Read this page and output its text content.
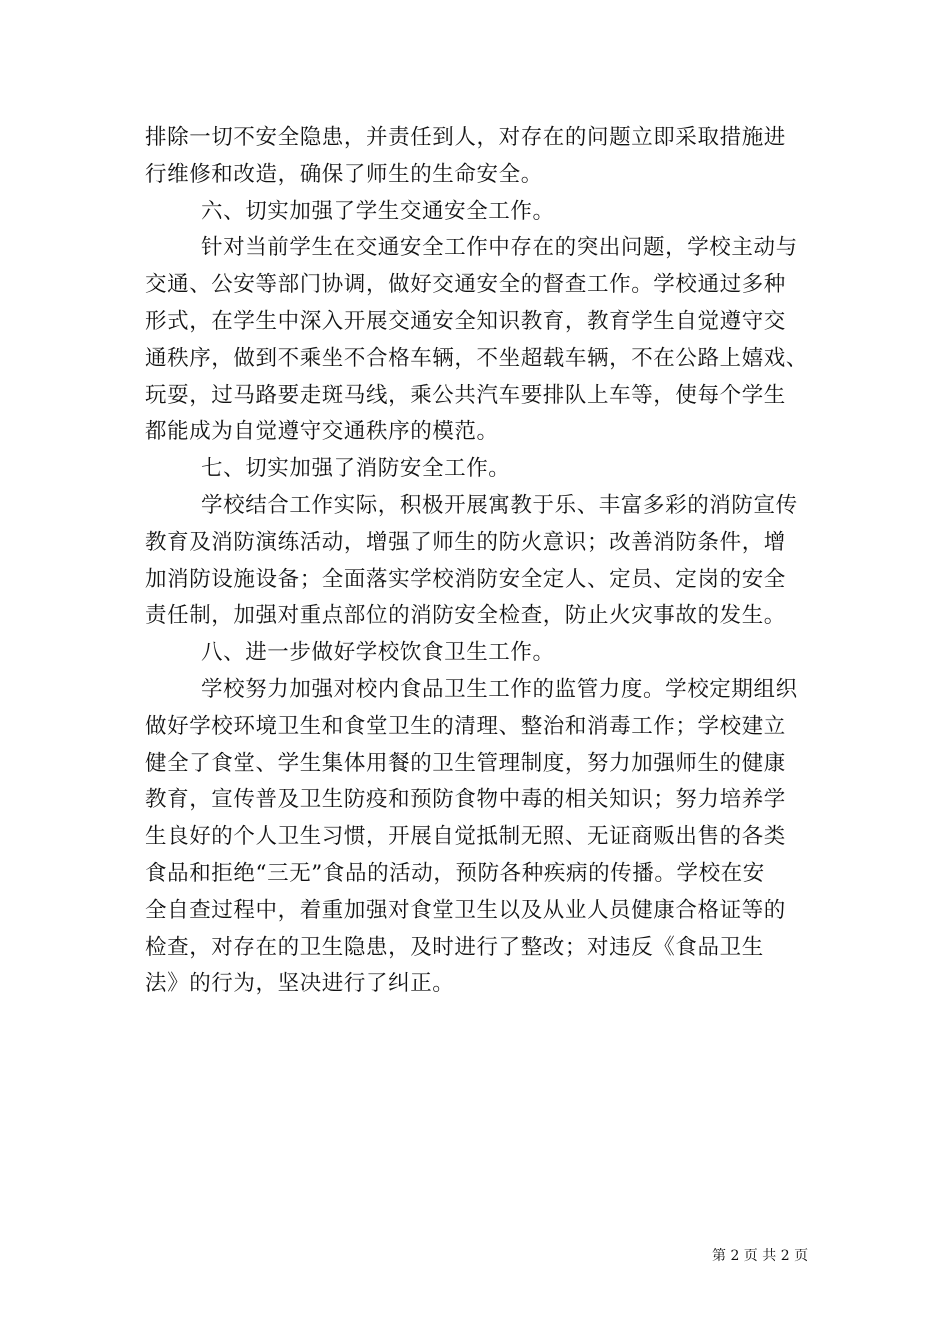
排除一切不安全隐患，并责任到人，对存在的问题立即采取措施进
行维修和改造，确保了师生的生命安全。
六、切实加强了学生交通安全工作。
针对当前学生在交通安全工作中存在的突出问题，学校主动与
交通、公安等部门协调，做好交通安全的督查工作。学校通过多种
形式，在学生中深入开展交通安全知识教育，教育学生自觉遵守交
通秩序，做到不乘坐不合格车辆，不坐超载车辆，不在公路上嬉戏、
玩耍，过马路要走斑马线，乘公共汽车要排队上车等，使每个学生
都能成为自觉遵守交通秩序的模范。
七、切实加强了消防安全工作。
学校结合工作实际，积极开展寓教于乐、丰富多彩的消防宣传
教育及消防演练活动，增强了师生的防火意识；改善消防条件，增
加消防设施设备；全面落实学校消防安全定人、定员、定岗的安全
责任制，加强对重点部位的消防安全检查，防止火灾事故的发生。
八、进一步做好学校饮食卫生工作。
学校努力加强对校内食品卫生工作的监管力度。学校定期组织
做好学校环境卫生和食堂卫生的清理、整治和消毒工作；学校建立
健全了食堂、学生集体用餐的卫生管理制度，努力加强师生的健康
教育，宣传普及卫生防疫和预防食物中毒的相关知识；努力培养学
生良好的个人卫生习惯，开展自觉抵制无照、无证商贩出售的各类
食品和拒绝“三无”食品的活动，预防各种疾病的传播。学校在安
全自查过程中，着重加强对食堂卫生以及从业人员健康合格证等的
检查，对存在的卫生隐患，及时进行了整改；对违反《食品卫生
法》的行为，坚决进行了纠正。
第 2 页 共 2 页
